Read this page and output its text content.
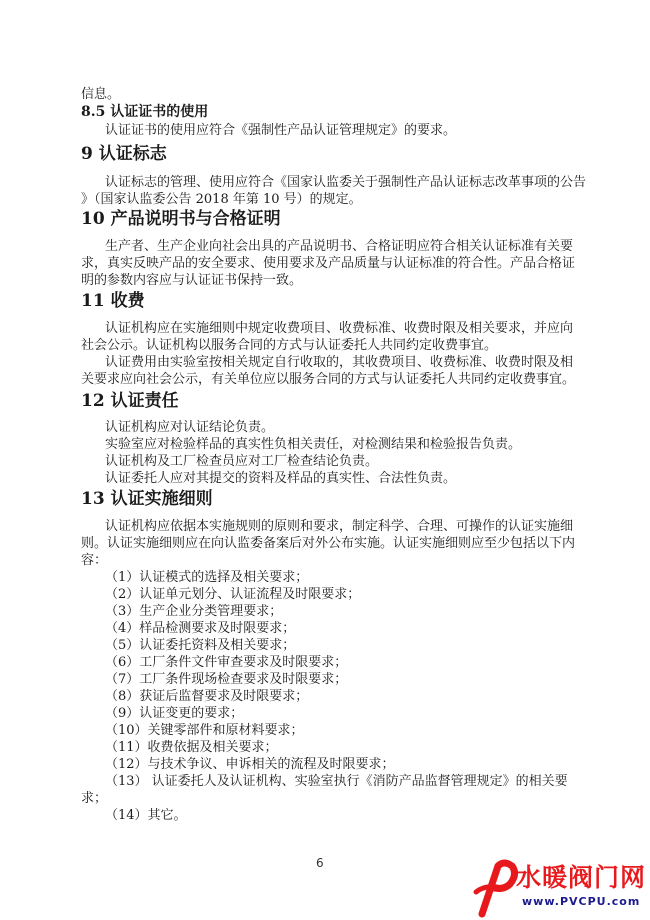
信息。

8.5 认证证书的使用

认证证书的使用应符合《强制性产品认证管理规定》的要求。

9 认证标志

认证标志的管理、使用应符合《国家认监委关于强制性产品认证标志改革事项的公告

》（国家认监委公告 2018 年第 10 号）的规定。

10 产品说明书与合格证明

生产者、生产企业向社会出具的产品说明书、合格证明应符合相关认证标准有关要

求，真实反映产品的安全要求、使用要求及产品质量与认证标准的符合性。产品合格证

明的参数内容应与认证证书保持一致。

11 收费

认证机构应在实施细则中规定收费项目、收费标准、收费时限及相关要求，并应向

社会公示。认证机构以服务合同的方式与认证委托人共同约定收费事宜。

认证费用由实验室按相关规定自行收取的，其收费项目、收费标准、收费时限及相

关要求应向社会公示，有关单位应以服务合同的方式与认证委托人共同约定收费事宜。

12 认证责任

认证机构应对认证结论负责。

实验室应对检验样品的真实性负相关责任，对检测结果和检验报告负责。

认证机构及工厂检查员应对工厂检查结论负责。

认证委托人应对其提交的资料及样品的真实性、合法性负责。

13 认证实施细则

认证机构应依据本实施规则的原则和要求，制定科学、合理、可操作的认证实施细

则。认证实施细则应在向认监委备案后对外公布实施。认证实施细则应至少包括以下内

容：

（1）认证模式的选择及相关要求；

（2）认证单元划分、认证流程及时限要求；

（3）生产企业分类管理要求；

（4）样品检测要求及时限要求；

（5）认证委托资料及相关要求；

（6）工厂条件文件审查要求及时限要求；

（7）工厂条件现场检查要求及时限要求；

（8）获证后监督要求及时限要求；

（9）认证变更的要求；

（10）关键零部件和原材料要求；

（11）收费依据及相关要求；

（12）与技术争议、申诉相关的流程及时限要求；

（13） 认证委托人及认证机构、实验室执行《消防产品监督管理规定》的相关要

求；

（14）其它。

6	水暖阀门网
www.PVCPU.com
